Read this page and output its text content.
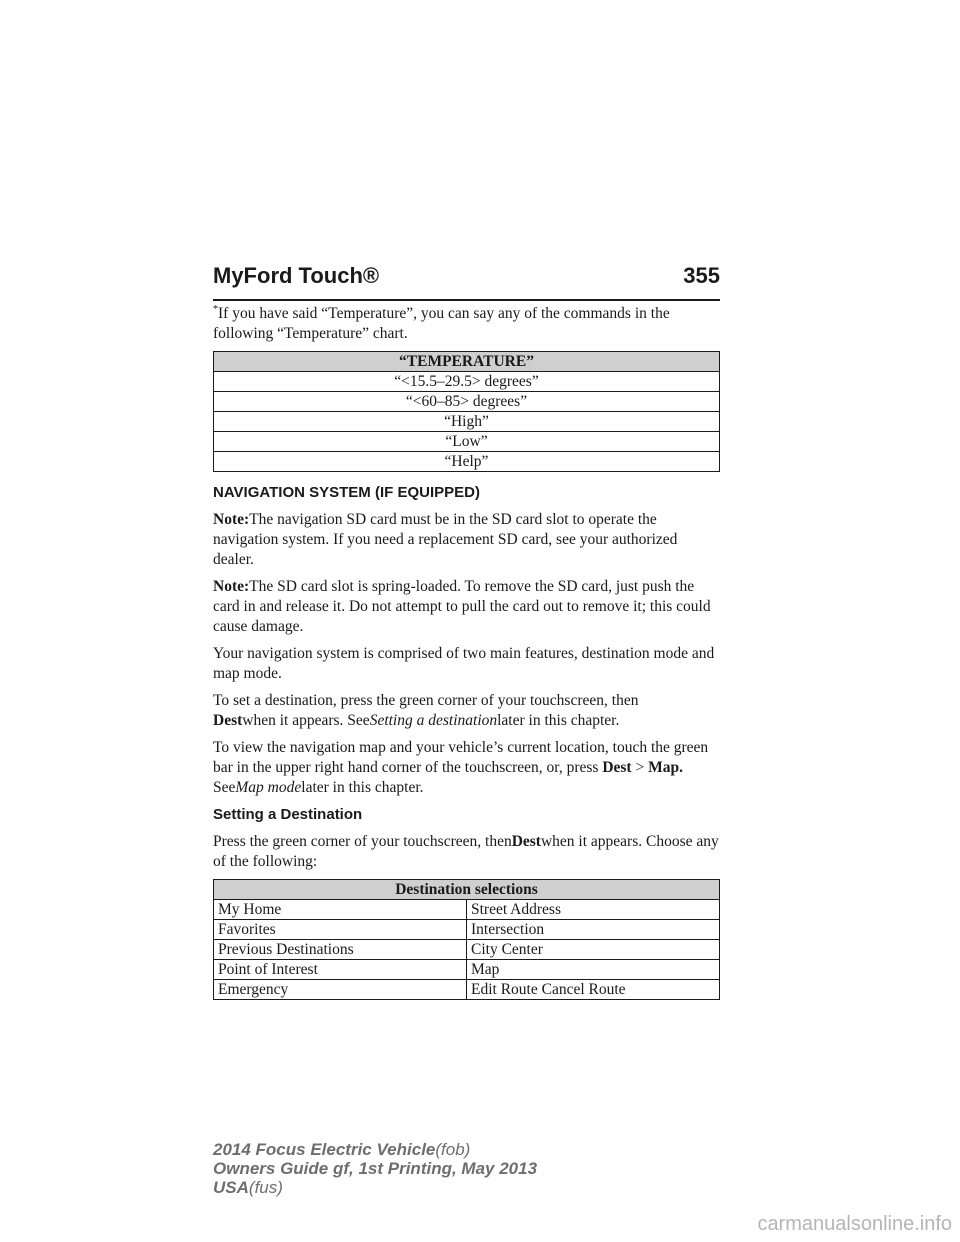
MyFord Touch®	355

*If you have said “Temperature”, you can say any of the commands in the following “Temperature” chart.

“TEMPERATURE”
“<15.5–29.5> degrees”
“<60–85> degrees”
“High”
“Low”
“Help”
NAVIGATION SYSTEM (IF EQUIPPED)

Note:The navigation SD card must be in the SD card slot to operate the navigation system. If you need a replacement SD card, see your authorized dealer.

Note:The SD card slot is spring-loaded. To remove the SD card, just push the card in and release it. Do not attempt to pull the card out to remove it; this could cause damage.

Your navigation system is comprised of two main features, destination mode and map mode.

To set a destination, press the green corner of your touchscreen, then
Destwhen it appears. SeeSetting a destinationlater in this chapter.

To view the navigation map and your vehicle’s current location, touch the green bar in the upper right hand corner of the touchscreen, or, press Dest > Map. SeeMap modelater in this chapter.

Setting a Destination

Press the green corner of your touchscreen, thenDestwhen it appears. Choose any of the following:

Destination selections	
My Home	Street Address
Favorites	Intersection
Previous Destinations	City Center
Point of Interest	Map
Emergency	Edit Route Cancel Route
2014 Focus Electric Vehicle(fob)
Owners Guide gf, 1st Printing, May 2013
USA(fus)
carmanualsonline.info
